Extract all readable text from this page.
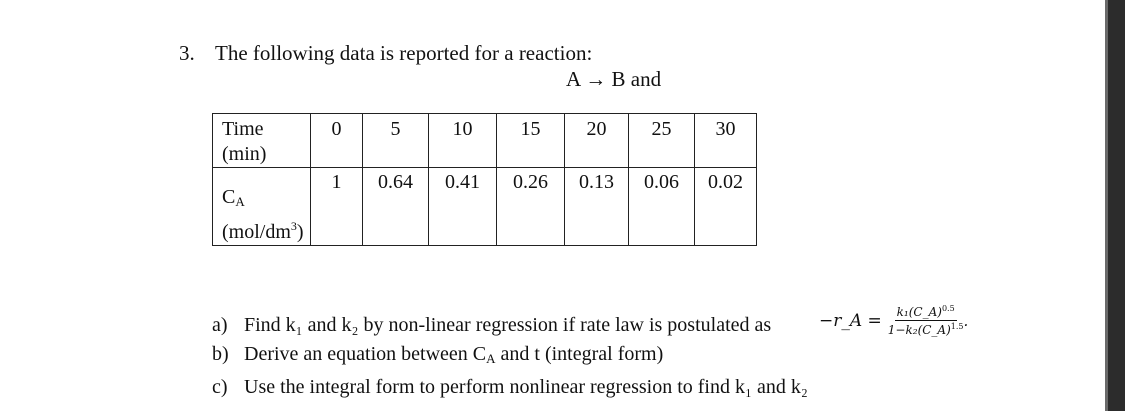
3. The following data is reported for a reaction:
A → B and
Time
(min)	0	5	10	15	20	25	30

$C_A$
$(mol/dm^3)$	1	0.64	0.41	0.26	0.13	0.06	0.02
a) Find k₁ and k₂ by non-linear regression if rate law is postulated as
b) Derive an equation between $C_A$ and t (integral form)
c) Use the integral form to perform nonlinear regression to find k₁ and k₂
−r_A = $\frac{k_1(C\_A)^{0.5}}{1-k_2(C\_A)^{1.5}}$ .
